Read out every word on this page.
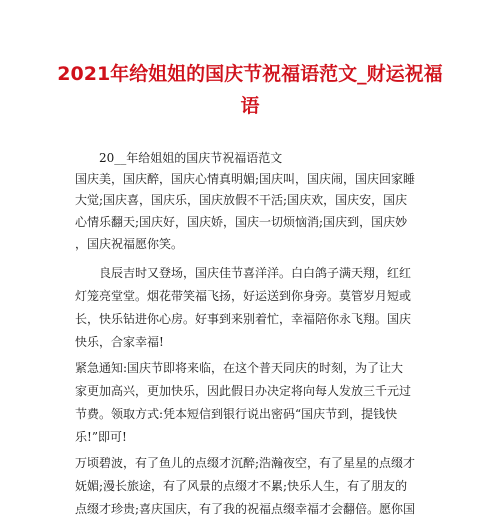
2021年给姐姐的国庆节祝福语范文_财运祝福
语
20__年给姐姐的国庆节祝福语范文
国庆美，国庆醉，国庆心情真明媚;国庆叫，国庆闹，国庆回家睡
大觉;国庆喜，国庆乐，国庆放假不干活;国庆欢，国庆安，国庆
心情乐翻天;国庆好，国庆娇，国庆一切烦恼消;国庆到，国庆妙
，国庆祝福愿你笑。
良辰吉时又登场，国庆佳节喜洋洋。白白鸽子满天翔，红红
灯笼亮堂堂。烟花带笑福飞扬，好运送到你身旁。莫管岁月短或
长，快乐钻进你心房。好事到来别着忙，幸福陪你永飞翔。国庆
快乐，合家幸福!
紧急通知:国庆节即将来临，在这个普天同庆的时刻，为了让大
家更加高兴，更加快乐，因此假日办决定将向每人发放三千元过
节费。领取方式:凭本短信到银行说出密码“国庆节到，提钱快
乐!”即可!
万顷碧波，有了鱼儿的点缀才沉醉;浩瀚夜空，有了星星的点缀才
妩媚;漫长旅途，有了风景的点缀才不累;快乐人生，有了朋友的
点缀才珍贵;喜庆国庆，有了我的祝福点缀幸福才会翻倍。愿你国
